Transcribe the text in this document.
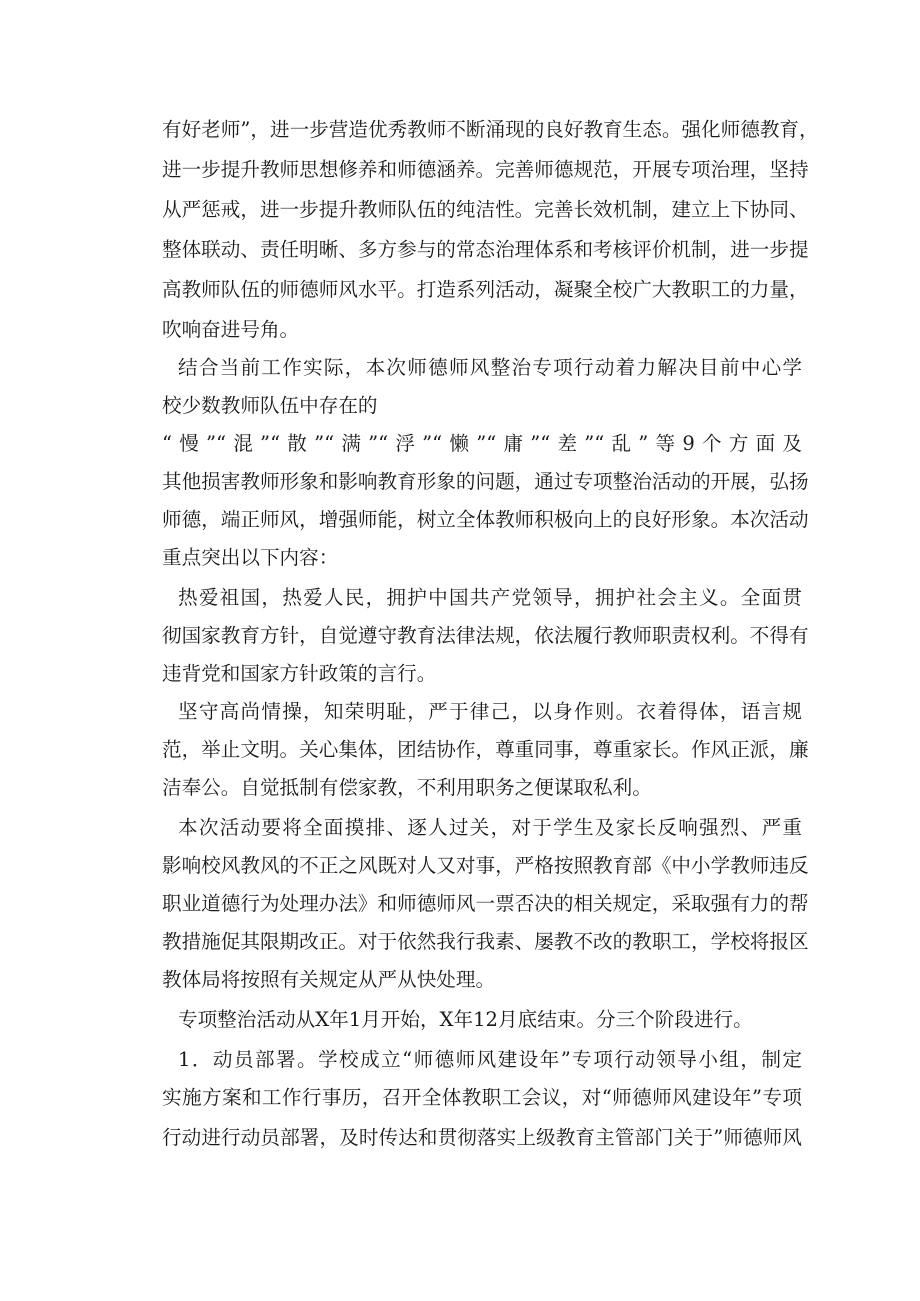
有好老师”，进一步营造优秀教师不断涌现的良好教育生态。强化师德教育，
进一步提升教师思想修养和师德涵养。完善师德规范，开展专项治理，坚持
从严惩戒，进一步提升教师队伍的纯洁性。完善长效机制，建立上下协同、
整体联动、责任明晰、多方参与的常态治理体系和考核评价机制，进一步提
高教师队伍的师德师风水平。打造系列活动，凝聚全校广大教职工的力量，
吹响奋进号角。
结合当前工作实际，本次师德师风整治专项行动着力解决目前中心学
校少数教师队伍中存在的
“慢”“混”“散”“满”“浮”“懒”“庸”“差”“乱”等9个方面及
其他损害教师形象和影响教育形象的问题，通过专项整治活动的开展，弘扬
师德，端正师风，增强师能，树立全体教师积极向上的良好形象。本次活动
重点突出以下内容：
热爱祖国，热爱人民，拥护中国共产党领导，拥护社会主义。全面贯
彻国家教育方针，自觉遵守教育法律法规，依法履行教师职责权利。不得有
违背党和国家方针政策的言行。
坚守高尚情操，知荣明耻，严于律己，以身作则。衣着得体，语言规
范，举止文明。关心集体，团结协作，尊重同事，尊重家长。作风正派，廉
洁奉公。自觉抵制有偿家教，不利用职务之便谋取私利。
本次活动要将全面摸排、逐人过关，对于学生及家长反响强烈、严重
影响校风教风的不正之风既对人又对事，严格按照教育部《中小学教师违反
职业道德行为处理办法》和师德师风一票否决的相关规定，采取强有力的帮
教措施促其限期改正。对于依然我行我素、屡教不改的教职工，学校将报区
教体局将按照有关规定从严从快处理。
专项整治活动从X年1月开始，X年12月底结束。分三个阶段进行。
1．动员部署。学校成立“师德师风建设年”专项行动领导小组，制定
实施方案和工作行事历，召开全体教职工会议，对“师德师风建设年”专项
行动进行动员部署，及时传达和贯彻落实上级教育主管部门关于”师德师风
